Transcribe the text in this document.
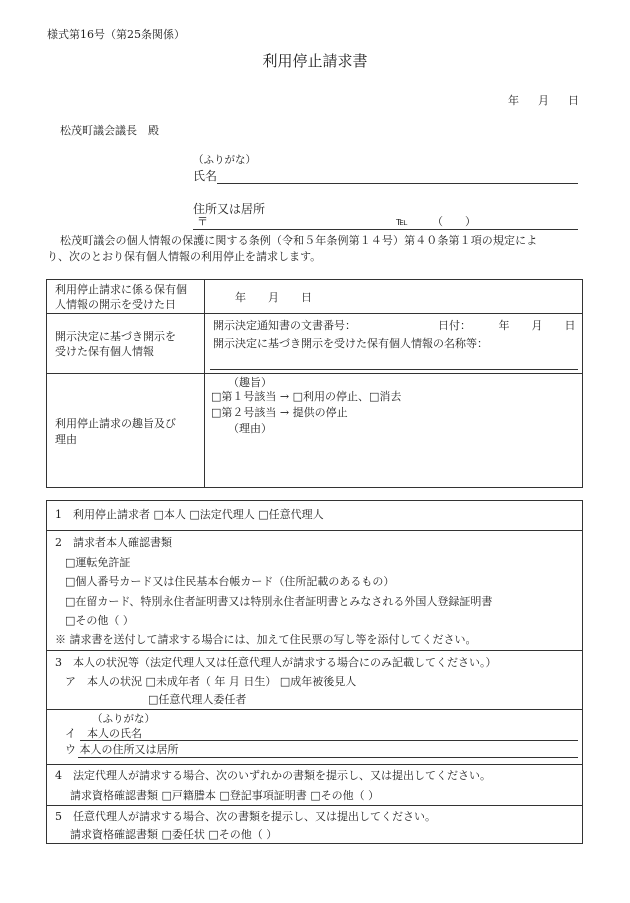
様式第16号（第25条関係）
利用停止請求書
年 月 日
松茂町議会議長　殿
（ふりがな）
氏名
住所又は居所
〒	℡ （　　）
松茂町議会の個人情報の保護に関する条例（令和５年条例第１４号）第４０条第１項の規定によ
り、次のとおり保有個人情報の利用停止を請求します。
利用停止請求に係る保有個
人情報の開示を受けた日
年　　月　　日
開示決定に基づき開示を
受けた保有個人情報
開示決定通知書の文書番号：	日付：　　　年　　月　　日
開示決定に基づき開示を受けた保有個人情報の名称等：
利用停止請求の趣旨及び
理由
（趣旨）
□第１号該当 → □利用の停止、□消去
□第２号該当 → 提供の停止
（理由）
1　利用停止請求者 □本人 □法定代理人 □任意代理人
2　請求者本人確認書類
□運転免許証
□個人番号カード又は住民基本台帳カード（住所記載のあるもの）
□在留カード、特別永住者証明書又は特別永住者証明書とみなされる外国人登録証明書
□その他（ ）
※ 請求書を送付して請求する場合には、加えて住民票の写し等を添付してください。
3　本人の状況等（法定代理人又は任意代理人が請求する場合にのみ記載してください。）
ア　本人の状況 □未成年者（ 年 月 日生） □成年被後見人
□任意代理人委任者
（ふりがな）
イ　本人の氏名
ウ 本人の住所又は居所
4　法定代理人が請求する場合、次のいずれかの書類を提示し、又は提出してください。
請求資格確認書類 □戸籍謄本 □登記事項証明書 □その他（ ）
5　任意代理人が請求する場合、次の書類を提示し、又は提出してください。
請求資格確認書類 □委任状 □その他（ ）
